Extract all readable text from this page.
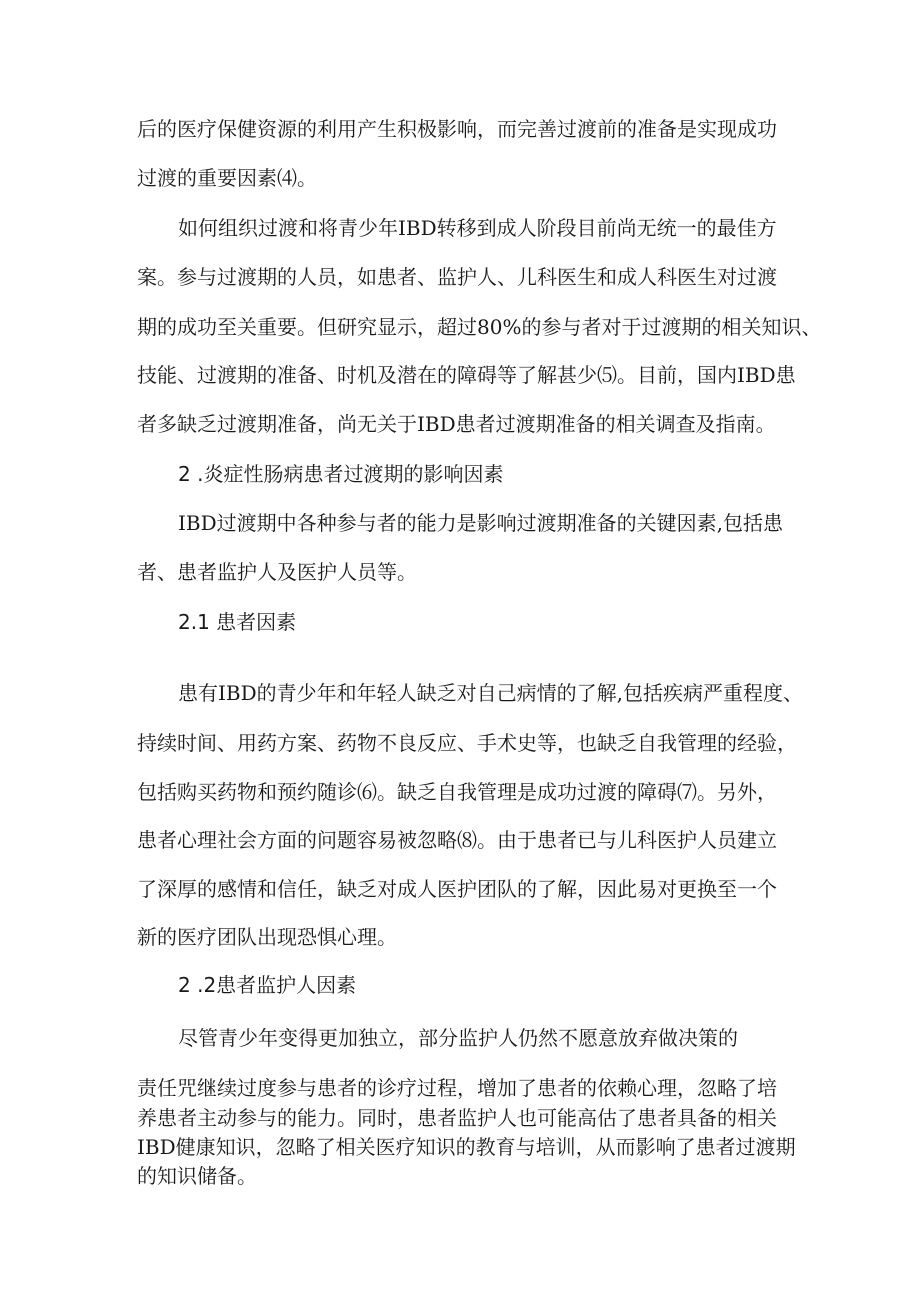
后的医疗保健资源的利用产生积极影响，而完善过渡前的准备是实现成功
过渡的重要因素⑷。
如何组织过渡和将青少年IBD转移到成人阶段目前尚无统一的最佳方
案。参与过渡期的人员，如患者、监护人、儿科医生和成人科医生对过渡
期的成功至关重要。但研究显示，超过80%的参与者对于过渡期的相关知识、
技能、过渡期的准备、时机及潜在的障碍等了解甚少⑸。目前，国内IBD患
者多缺乏过渡期准备，尚无关于IBD患者过渡期准备的相关调查及指南。
2 .炎症性肠病患者过渡期的影响因素
IBD过渡期中各种参与者的能力是影响过渡期准备的关键因素,包括患
者、患者监护人及医护人员等。
2.1 患者因素
患有IBD的青少年和年轻人缺乏对自己病情的了解,包括疾病严重程度、
持续时间、用药方案、药物不良反应、手术史等，也缺乏自我管理的经验，
包括购买药物和预约随诊⑹。缺乏自我管理是成功过渡的障碍⑺。另外，
患者心理社会方面的问题容易被忽略⑻。由于患者已与儿科医护人员建立
了深厚的感情和信任，缺乏对成人医护团队的了解，因此易对更换至一个
新的医疗团队出现恐惧心理。
2 .2患者监护人因素
尽管青少年变得更加独立，部分监护人仍然不愿意放弃做决策的
责任咒继续过度参与患者的诊疗过程，增加了患者的依赖心理，忽略了培
养患者主动参与的能力。同时，患者监护人也可能高估了患者具备的相关
IBD健康知识，忽略了相关医疗知识的教育与培训，从而影响了患者过渡期
的知识储备。
